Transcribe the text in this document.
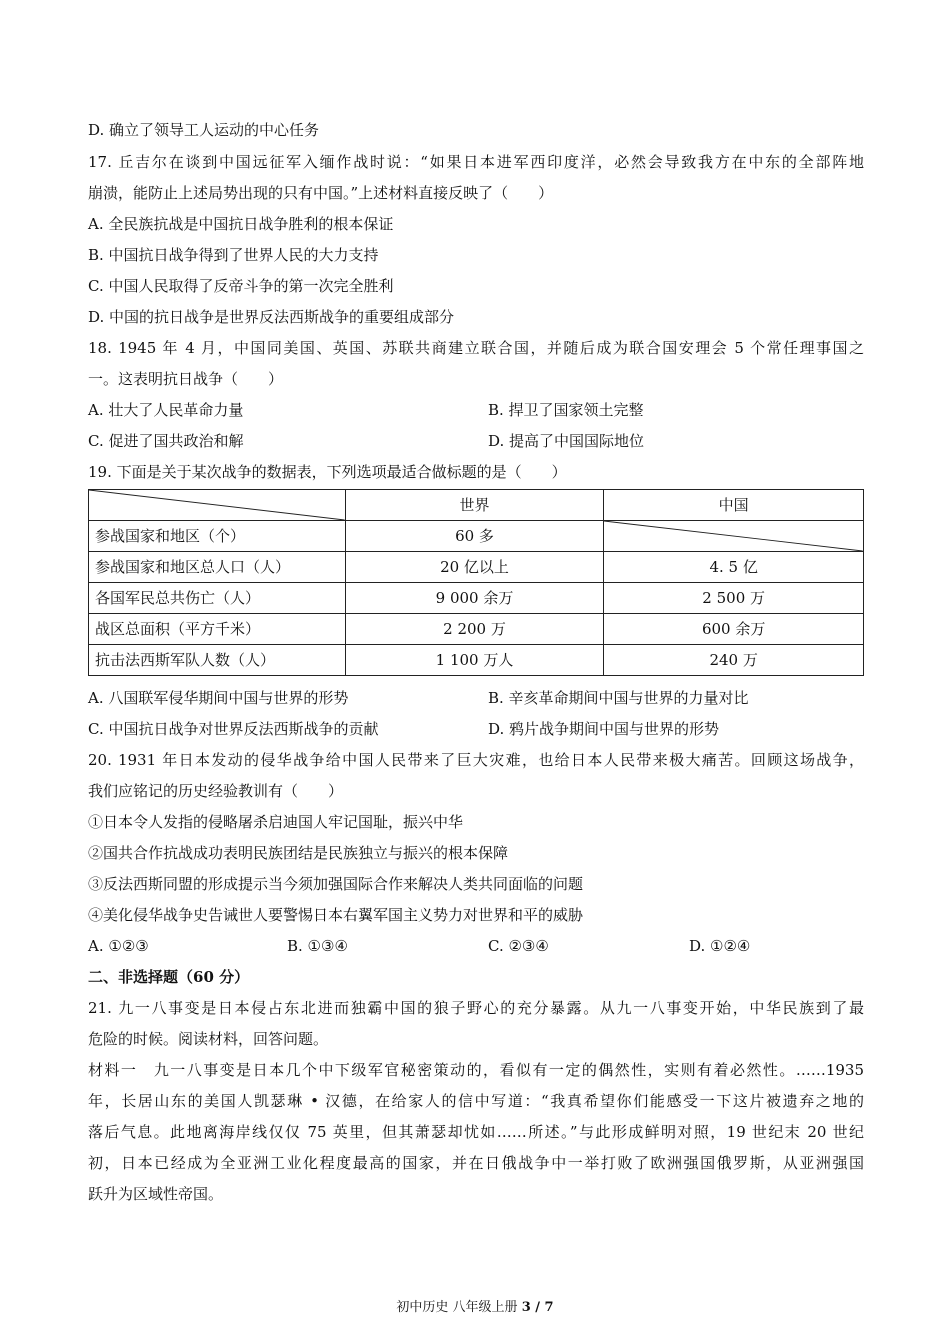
D. 确立了领导工人运动的中心任务
17. 丘吉尔在谈到中国远征军入缅作战时说：“如果日本进军西印度洋，必然会导致我方在中东的全部阵地
崩溃，能防止上述局势出现的只有中国。”上述材料直接反映了（　　）
A. 全民族抗战是中国抗日战争胜利的根本保证
B. 中国抗日战争得到了世界人民的大力支持
C. 中国人民取得了反帝斗争的第一次完全胜利
D. 中国的抗日战争是世界反法西斯战争的重要组成部分
18. 1945 年 4 月，中国同美国、英国、苏联共商建立联合国，并随后成为联合国安理会 5 个常任理事国之
一。这表明抗日战争（　　）
A. 壮大了人民革命力量	B. 捍卫了国家领土完整
C. 促进了国共政治和解	D. 提高了中国国际地位
19. 下面是关于某次战争的数据表，下列选项最适合做标题的是（　　）
	世界	中国
参战国家和地区（个）	60 多	

参战国家和地区总人口（人）	20 亿以上	4. 5 亿
各国军民总共伤亡（人）	9 000 余万	2 500 万
战区总面积（平方千米）	2 200 万	600 余万
抗击法西斯军队人数（人）	1 100 万人	240 万
A. 八国联军侵华期间中国与世界的形势	B. 辛亥革命期间中国与世界的力量对比
C. 中国抗日战争对世界反法西斯战争的贡献	D. 鸦片战争期间中国与世界的形势
20. 1931 年日本发动的侵华战争给中国人民带来了巨大灾难，也给日本人民带来极大痛苦。回顾这场战争，
我们应铭记的历史经验教训有（　　）
①日本令人发指的侵略屠杀启迪国人牢记国耻，振兴中华
②国共合作抗战成功表明民族团结是民族独立与振兴的根本保障
③反法西斯同盟的形成提示当今须加强国际合作来解决人类共同面临的问题
④美化侵华战争史告诫世人要警惕日本右翼军国主义势力对世界和平的威胁
A. ①②③	B. ①③④	C. ②③④	D. ①②④
二、非选择题（60 分）
21. 九一八事变是日本侵占东北进而独霸中国的狼子野心的充分暴露。从九一八事变开始，中华民族到了最
危险的时候。阅读材料，回答问题。
材料一　九一八事变是日本几个中下级军官秘密策动的，看似有一定的偶然性，实则有着必然性。……1935
年，长居山东的美国人凯瑟琳 • 汉德，在给家人的信中写道：“我真希望你们能感受一下这片被遗弃之地的
落后气息。此地离海岸线仅仅 75 英里，但其萧瑟却忧如……所述。”与此形成鲜明对照，19 世纪末 20 世纪
初，日本已经成为全亚洲工业化程度最高的国家，并在日俄战争中一举打败了欧洲强国俄罗斯，从亚洲强国
跃升为区域性帝国。
初中历史 八年级上册 3 / 7
